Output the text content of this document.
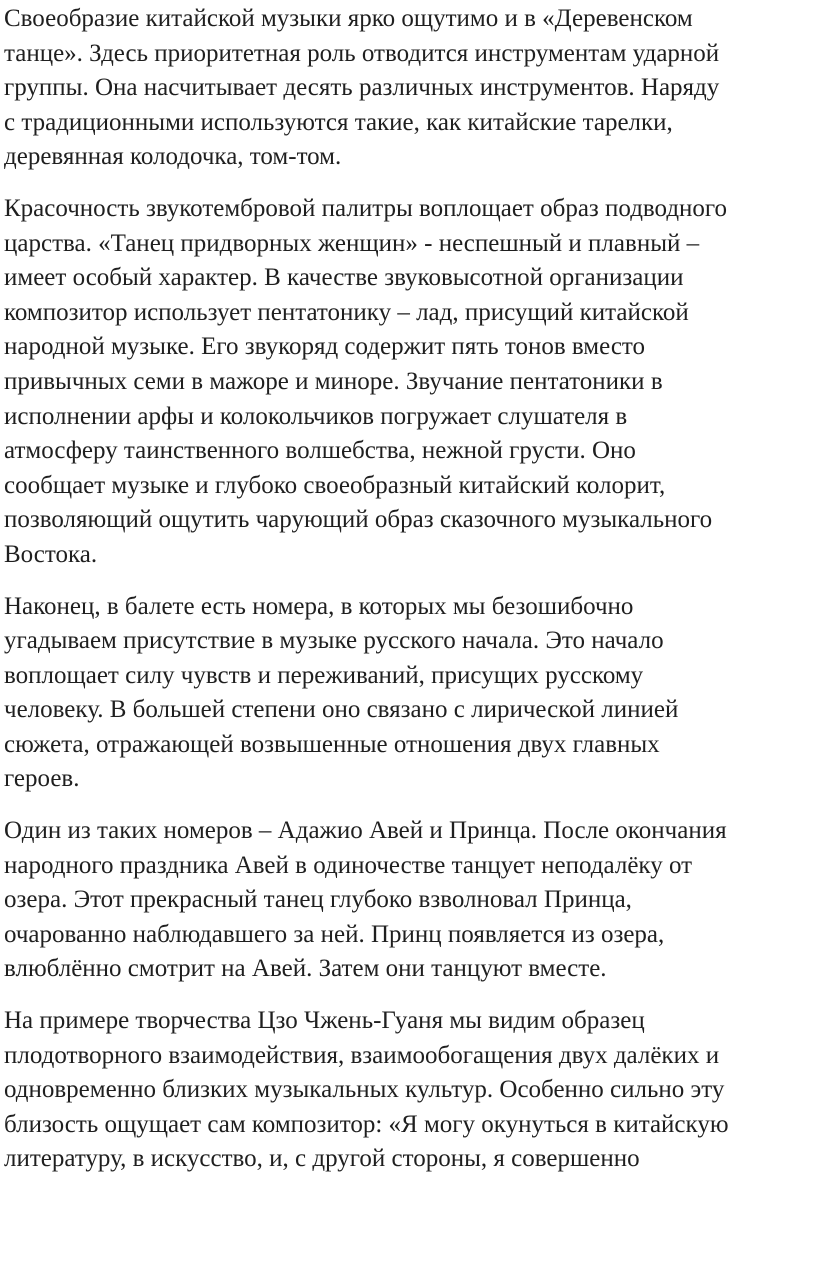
Своеобразие китайской музыки ярко ощутимо и в «Деревенском
танце». Здесь приоритетная роль отводится инструментам ударной
группы. Она насчитывает десять различных инструментов. Наряду
с традиционными используются такие, как китайские тарелки,
деревянная колодочка, том-том.

Красочность звукотембровой палитры воплощает образ подводного
царства. «Танец придворных женщин» - неспешный и плавный –
имеет особый характер. В качестве звуковысотной организации
композитор использует пентатонику – лад, присущий китайской
народной музыке. Его звукоряд содержит пять тонов вместо
привычных семи в мажоре и миноре. Звучание пентатоники в
исполнении арфы и колокольчиков погружает слушателя в
атмосферу таинственного волшебства, нежной грусти. Оно
сообщает музыке и глубоко своеобразный китайский колорит,
позволяющий ощутить чарующий образ сказочного музыкального
Востока.

Наконец, в балете есть номера, в которых мы безошибочно
угадываем присутствие в музыке русского начала. Это начало
воплощает силу чувств и переживаний, присущих русскому
человеку. В большей степени оно связано с лирической линией
сюжета, отражающей возвышенные отношения двух главных
героев.

Один из таких номеров – Адажио Авей и Принца. После окончания
народного праздника Авей в одиночестве танцует неподалёку от
озера. Этот прекрасный танец глубоко взволновал Принца,
очарованно наблюдавшего за ней. Принц появляется из озера,
влюблённо смотрит на Авей. Затем они танцуют вместе.

На примере творчества Цзо Чжень-Гуаня мы видим образец
плодотворного взаимодействия, взаимообогащения двух далёких и
одновременно близких музыкальных культур. Особенно сильно эту
близость ощущает сам композитор: «Я могу окунуться в китайскую
литературу, в искусство, и, с другой стороны, я совершенно
